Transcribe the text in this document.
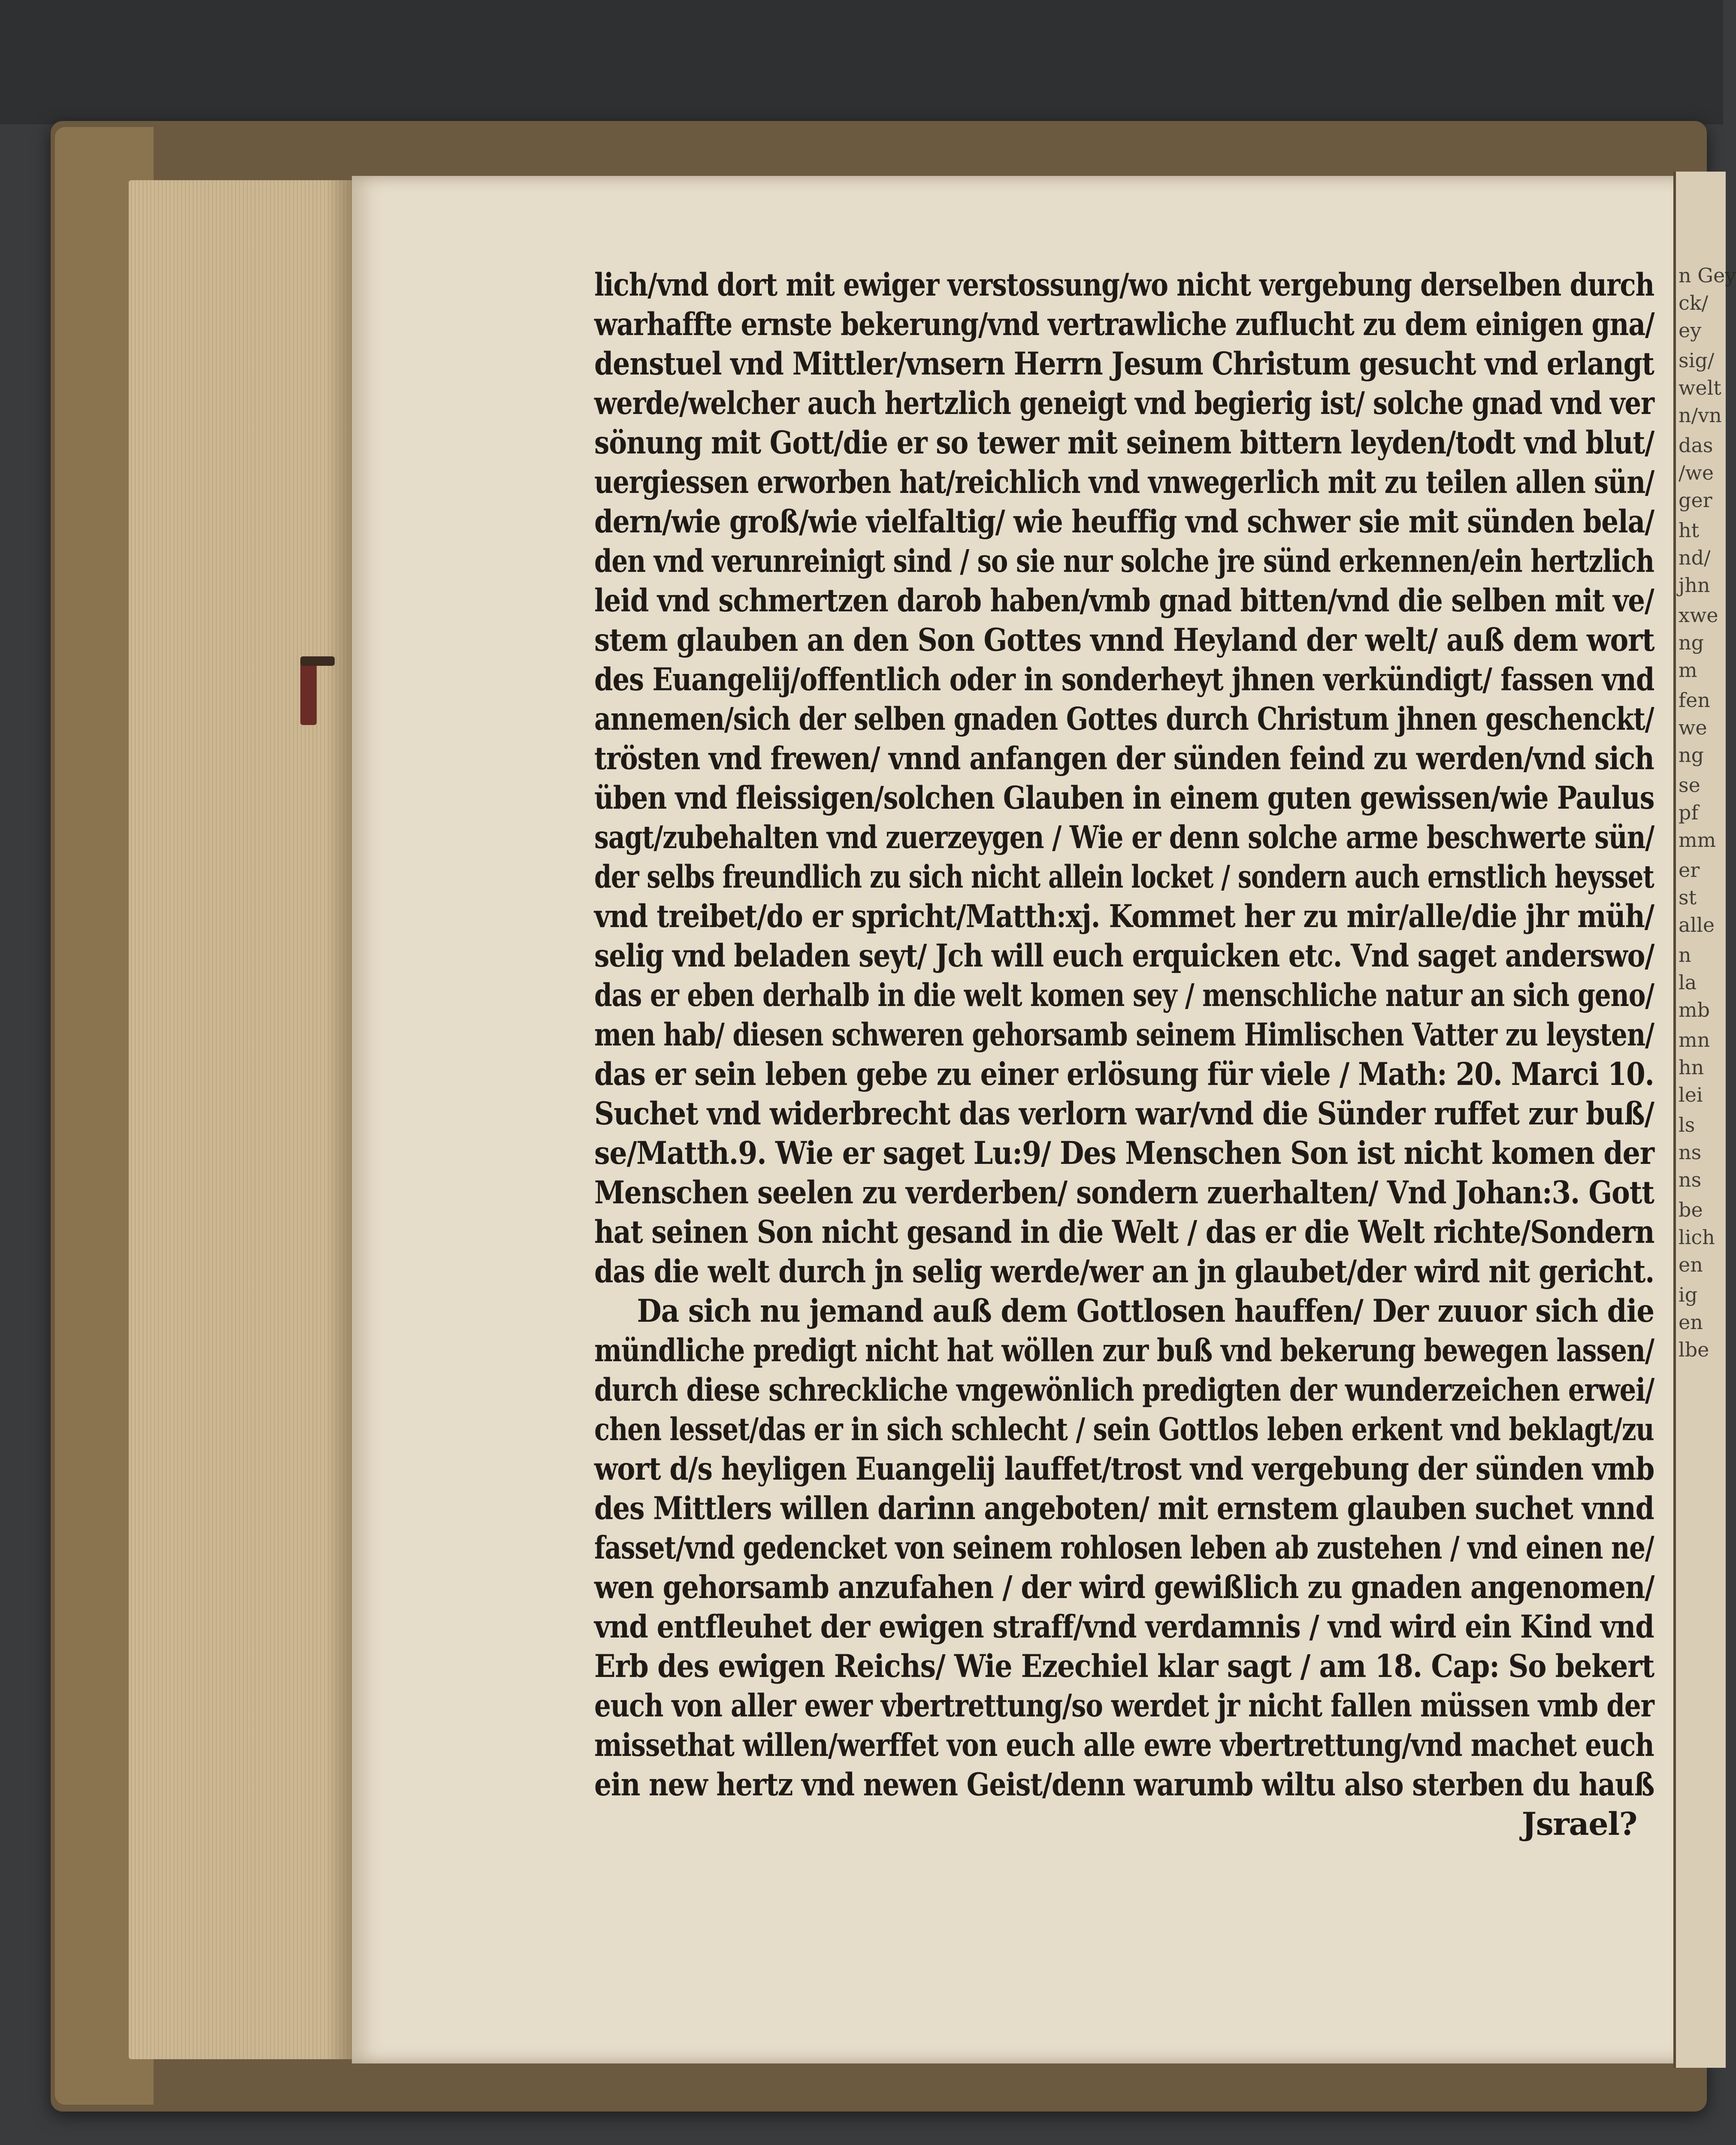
n Gey
ck/
ey
sig/
welt
n/vn
das
/we
ger
ht
nd/
jhn
xwe
ng
m
fen
we
ng
se
pf
mm
er
st
alle
n
la
mb
mn
hn
lei
ls
ns
ns
be
lich
en
ig
en
lbe
lich/vnd dort mit ewiger verstossung/wo nicht vergebung derselben durch
warhaffte ernste bekerung/vnd vertrawliche zuflucht zu dem einigen gna/
denstuel vnd Mittler/vnsern Herrn Jesum Christum gesucht vnd erlangt
werde/welcher auch hertzlich geneigt vnd begierig ist/ solche gnad vnd ver
sönung mit Gott/die er so tewer mit seinem bittern leyden/todt vnd blut/
uergiessen erworben hat/reichlich vnd vnwegerlich mit zu teilen allen sün/
dern/wie groß/wie vielfaltig/ wie heuffig vnd schwer sie mit sünden bela/
den vnd verunreinigt sind / so sie nur solche jre sünd erkennen/ein hertzlich
leid vnd schmertzen darob haben/vmb gnad bitten/vnd die selben mit ve/
stem glauben an den Son Gottes vnnd Heyland der welt/ auß dem wort
des Euangelij/offentlich oder in sonderheyt jhnen verkündigt/ fassen vnd
annemen/sich der selben gnaden Gottes durch Christum jhnen geschenckt/
trösten vnd frewen/ vnnd anfangen der sünden feind zu werden/vnd sich
üben vnd fleissigen/solchen Glauben in einem guten gewissen/wie Paulus
sagt/zubehalten vnd zuerzeygen / Wie er denn solche arme beschwerte sün/
der selbs freundlich zu sich nicht allein locket / sondern auch ernstlich heysset
vnd treibet/do er spricht/Matth:xj. Kommet her zu mir/alle/die jhr müh/
selig vnd beladen seyt/ Jch will euch erquicken etc. Vnd saget anderswo/
das er eben derhalb in die welt komen sey / menschliche natur an sich geno/
men hab/ diesen schweren gehorsamb seinem Himlischen Vatter zu leysten/
das er sein leben gebe zu einer erlösung für viele / Math: 20. Marci 10.
Suchet vnd widerbrecht das verlorn war/vnd die Sünder ruffet zur buß/
se/Matth.9. Wie er saget Lu:9/ Des Menschen Son ist nicht komen der
Menschen seelen zu verderben/ sondern zuerhalten/ Vnd Johan:3. Gott
hat seinen Son nicht gesand in die Welt / das er die Welt richte/Sondern
das die welt durch jn selig werde/wer an jn glaubet/der wird nit gericht.
Da sich nu jemand auß dem Gottlosen hauffen/ Der zuuor sich die
mündliche predigt nicht hat wöllen zur buß vnd bekerung bewegen lassen/
durch diese schreckliche vngewönlich predigten der wunderzeichen erwei/
chen lesset/das er in sich schlecht / sein Gottlos leben erkent vnd beklagt/zu
wort d/s heyligen Euangelij lauffet/trost vnd vergebung der sünden vmb
des Mittlers willen darinn angeboten/ mit ernstem glauben suchet vnnd
fasset/vnd gedencket von seinem rohlosen leben ab zustehen / vnd einen ne/
wen gehorsamb anzufahen / der wird gewißlich zu gnaden angenomen/
vnd entfleuhet der ewigen straff/vnd verdamnis / vnd wird ein Kind vnd
Erb des ewigen Reichs/ Wie Ezechiel klar sagt / am 18. Cap: So bekert
euch von aller ewer vbertrettung/so werdet jr nicht fallen müssen vmb der
missethat willen/werffet von euch alle ewre vbertrettung/vnd machet euch
ein new hertz vnd newen Geist/denn warumb wiltu also sterben du hauß
Jsrael?
